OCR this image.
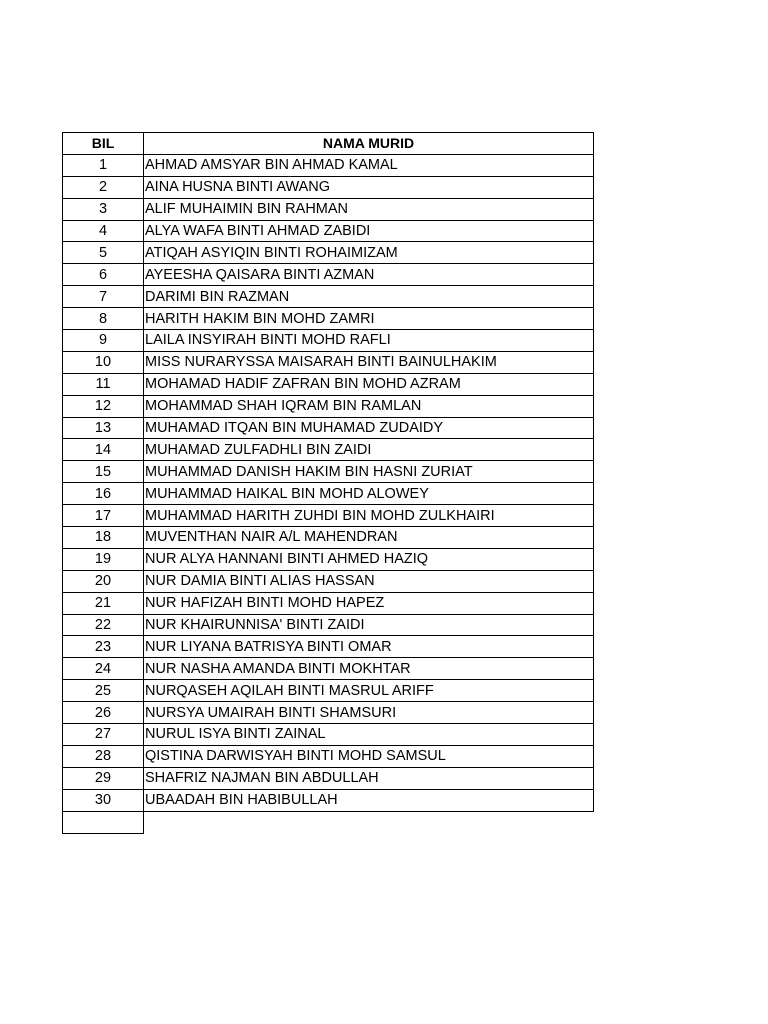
BIL	NAMA MURID
1	AHMAD AMSYAR BIN AHMAD KAMAL
2	AINA HUSNA BINTI AWANG
3	ALIF MUHAIMIN BIN RAHMAN
4	ALYA WAFA BINTI AHMAD ZABIDI
5	ATIQAH ASYIQIN BINTI ROHAIMIZAM
6	AYEESHA QAISARA BINTI AZMAN
7	DARIMI BIN RAZMAN
8	HARITH HAKIM BIN MOHD ZAMRI
9	LAILA INSYIRAH BINTI MOHD RAFLI
10	MISS NURARYSSA MAISARAH BINTI BAINULHAKIM
11	MOHAMAD HADIF ZAFRAN BIN MOHD AZRAM
12	MOHAMMAD SHAH IQRAM BIN RAMLAN
13	MUHAMAD ITQAN BIN MUHAMAD ZUDAIDY
14	MUHAMAD ZULFADHLI BIN ZAIDI
15	MUHAMMAD DANISH HAKIM BIN HASNI ZURIAT
16	MUHAMMAD HAIKAL BIN MOHD ALOWEY
17	MUHAMMAD HARITH ZUHDI BIN MOHD ZULKHAIRI
18	MUVENTHAN NAIR A/L MAHENDRAN
19	NUR ALYA HANNANI BINTI AHMED HAZIQ
20	NUR DAMIA BINTI ALIAS HASSAN
21	NUR HAFIZAH BINTI MOHD HAPEZ
22	NUR KHAIRUNNISA' BINTI ZAIDI
23	NUR LIYANA BATRISYA BINTI OMAR
24	NUR NASHA AMANDA BINTI MOKHTAR
25	NURQASEH AQILAH BINTI MASRUL ARIFF
26	NURSYA UMAIRAH BINTI SHAMSURI
27	NURUL ISYA BINTI ZAINAL
28	QISTINA DARWISYAH BINTI MOHD SAMSUL
29	SHAFRIZ NAJMAN BIN ABDULLAH
30	UBAADAH BIN HABIBULLAH
